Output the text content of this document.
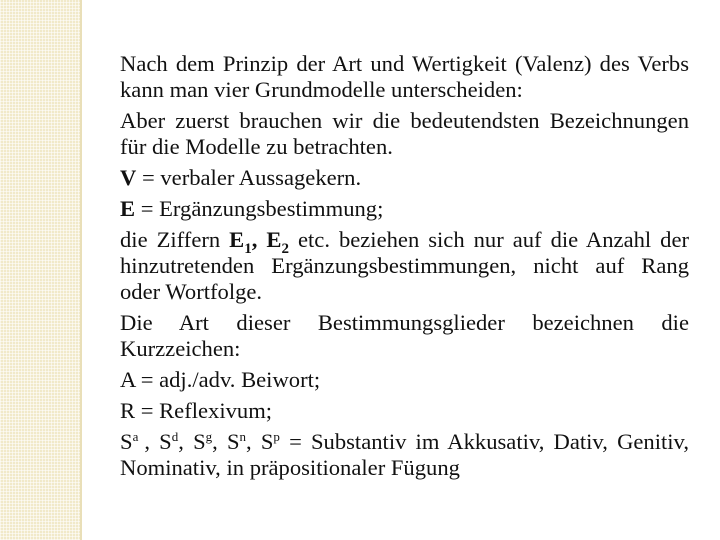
Nach dem Prinzip der Art und Wertigkeit (Valenz) des Verbs kann man vier Grundmodelle unterscheiden:

Aber zuerst brauchen wir die bedeutendsten Bezeichnungen für die Modelle zu betrachten.

V = verbaler Aussagekern.

E = Ergänzungsbestimmung;

die Ziffern $E_1$, $E_2$ etc. beziehen sich nur auf die Anzahl der hinzutretenden Ergänzungsbestimmungen, nicht auf Rang oder Wortfolge.

Die Art dieser Bestimmungsglieder bezeichnen die Kurzzeichen:

A = adj./adv. Beiwort;

R = Reflexivum;

$S^a$ , $S^d$, $S^g$, $S^n$, $S^p$ = Substantiv im Akkusativ, Dativ, Genitiv, Nominativ, in präpositionaler Fügung
